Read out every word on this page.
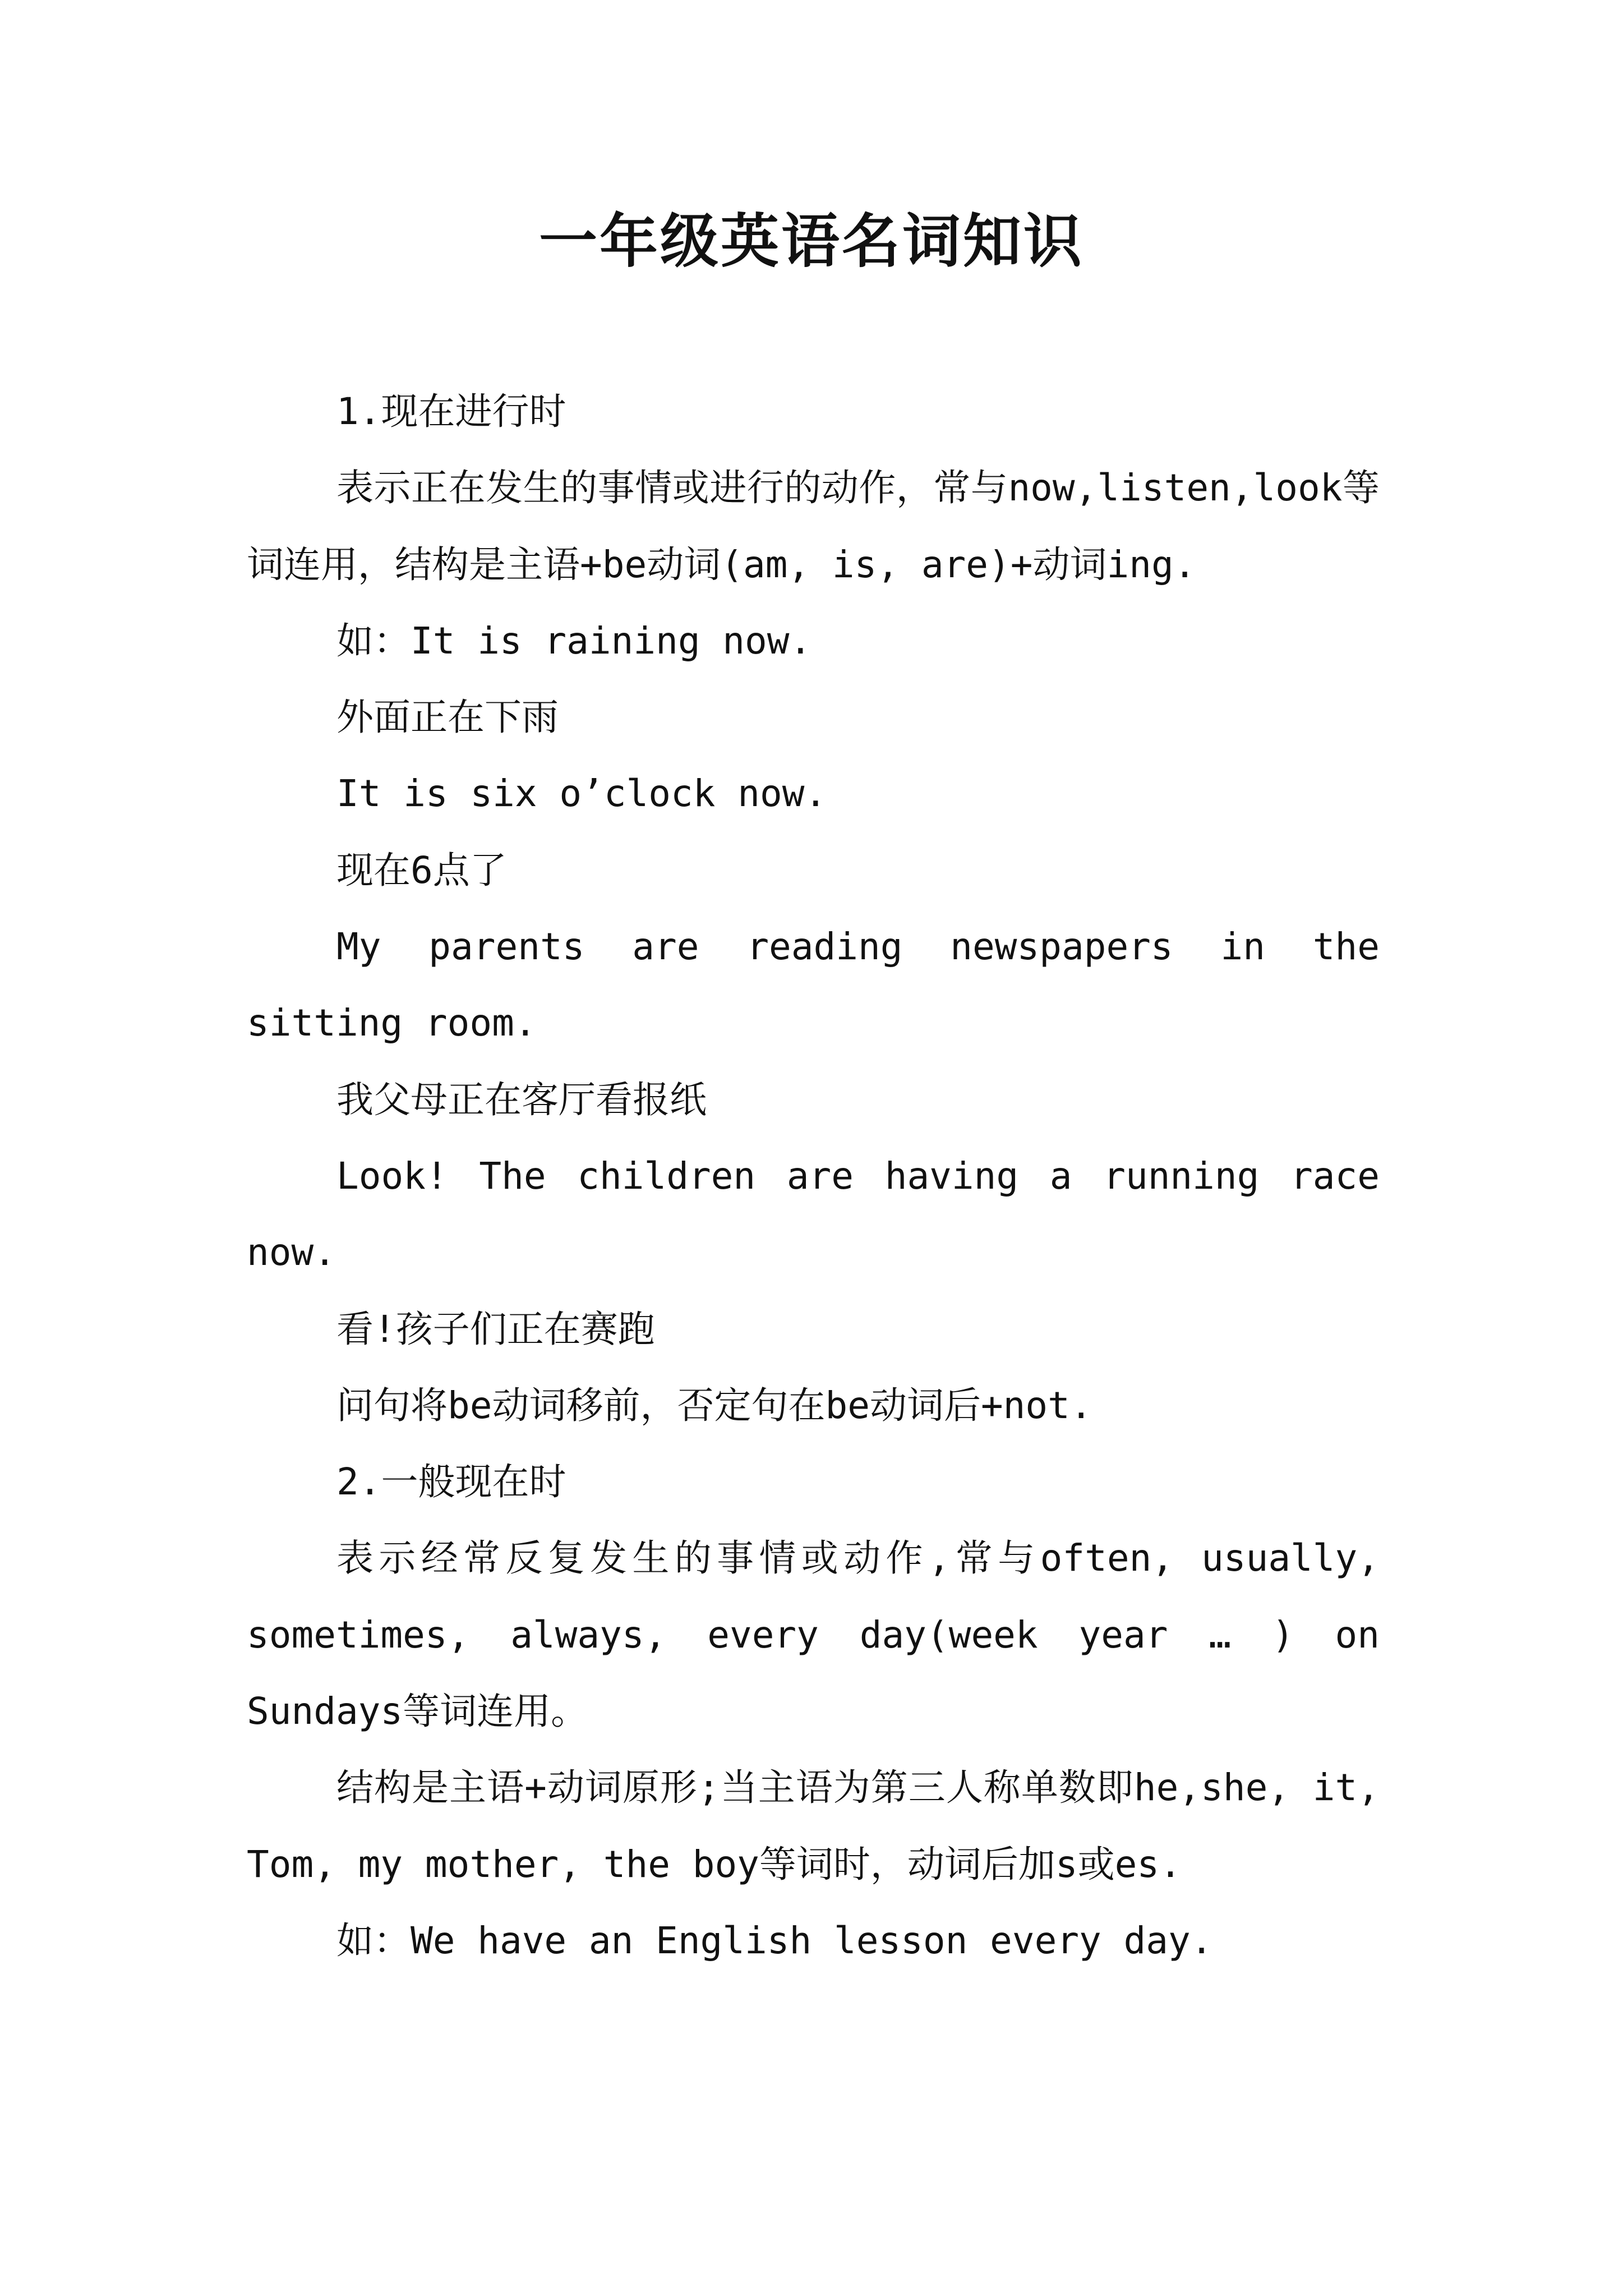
一年级英语名词知识

1.现在进行时

表示正在发生的事情或进行的动作，常与now,listen,look等词连用，结构是主语+be动词(am, is, are)+动词ing.

如：It is raining now.

外面正在下雨

It is six o’clock now.

现在6点了

My parents are reading newspapers in the sitting room.

我父母正在客厅看报纸

Look! The children are having a running race now.

看!孩子们正在赛跑

问句将be动词移前，否定句在be动词后+not.

2.一般现在时

表示经常反复发生的事情或动作,常与often, usually, sometimes, always, every day(week year … ) on Sundays等词连用。

结构是主语+动词原形;当主语为第三人称单数即he,she, it, Tom, my mother, the boy等词时，动词后加s或es.

如：We have an English lesson every day.
